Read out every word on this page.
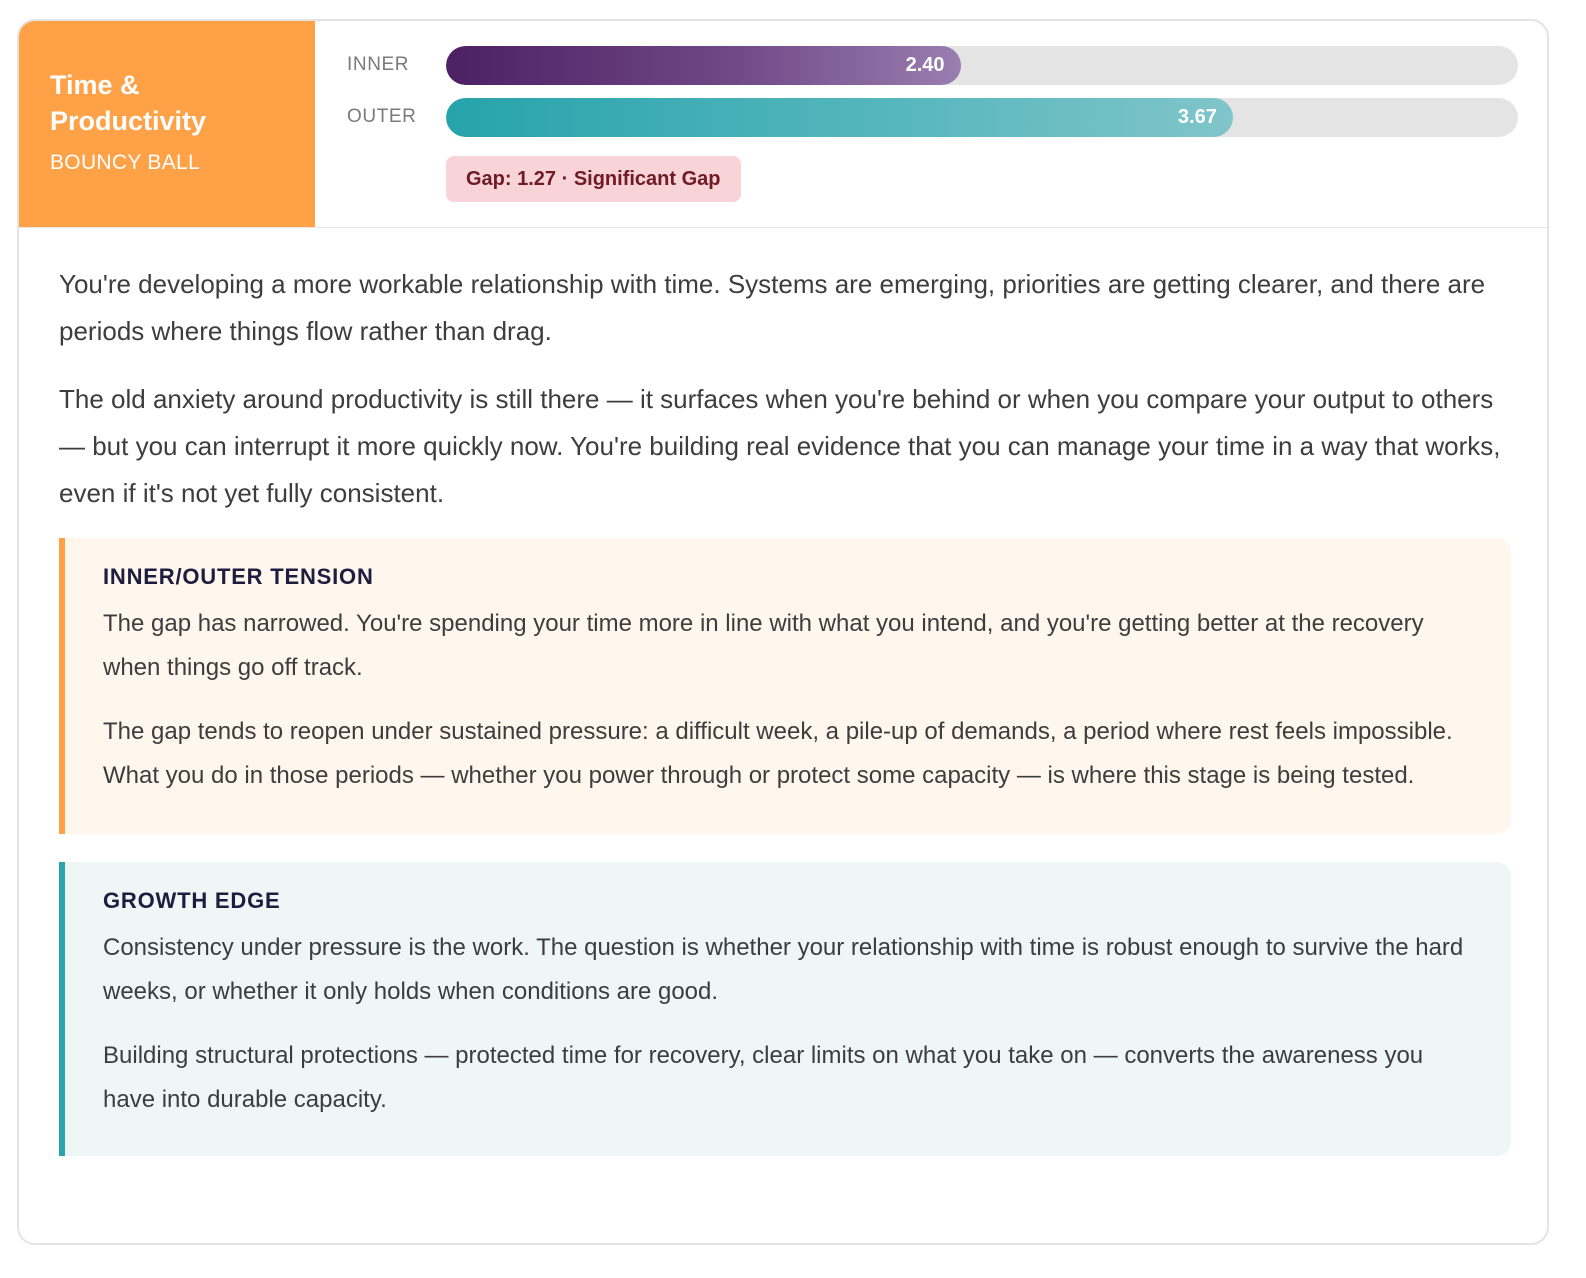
Time & Productivity
BOUNCY BALL
INNER	2.40
OUTER	3.67
Gap: 1.27 · Significant Gap

You're developing a more workable relationship with time. Systems are emerging, priorities are getting clearer, and there are periods where things flow rather than drag.

The old anxiety around productivity is still there — it surfaces when you're behind or when you compare your output to others — but you can interrupt it more quickly now. You're building real evidence that you can manage your time in a way that works, even if it's not yet fully consistent.

INNER/OUTER TENSION

The gap has narrowed. You're spending your time more in line with what you intend, and you're getting better at the recovery when things go off track.

The gap tends to reopen under sustained pressure: a difficult week, a pile-up of demands, a period where rest feels impossible. What you do in those periods — whether you power through or protect some capacity — is where this stage is being tested.

GROWTH EDGE

Consistency under pressure is the work. The question is whether your relationship with time is robust enough to survive the hard weeks, or whether it only holds when conditions are good.

Building structural protections — protected time for recovery, clear limits on what you take on — converts the awareness you have into durable capacity.
